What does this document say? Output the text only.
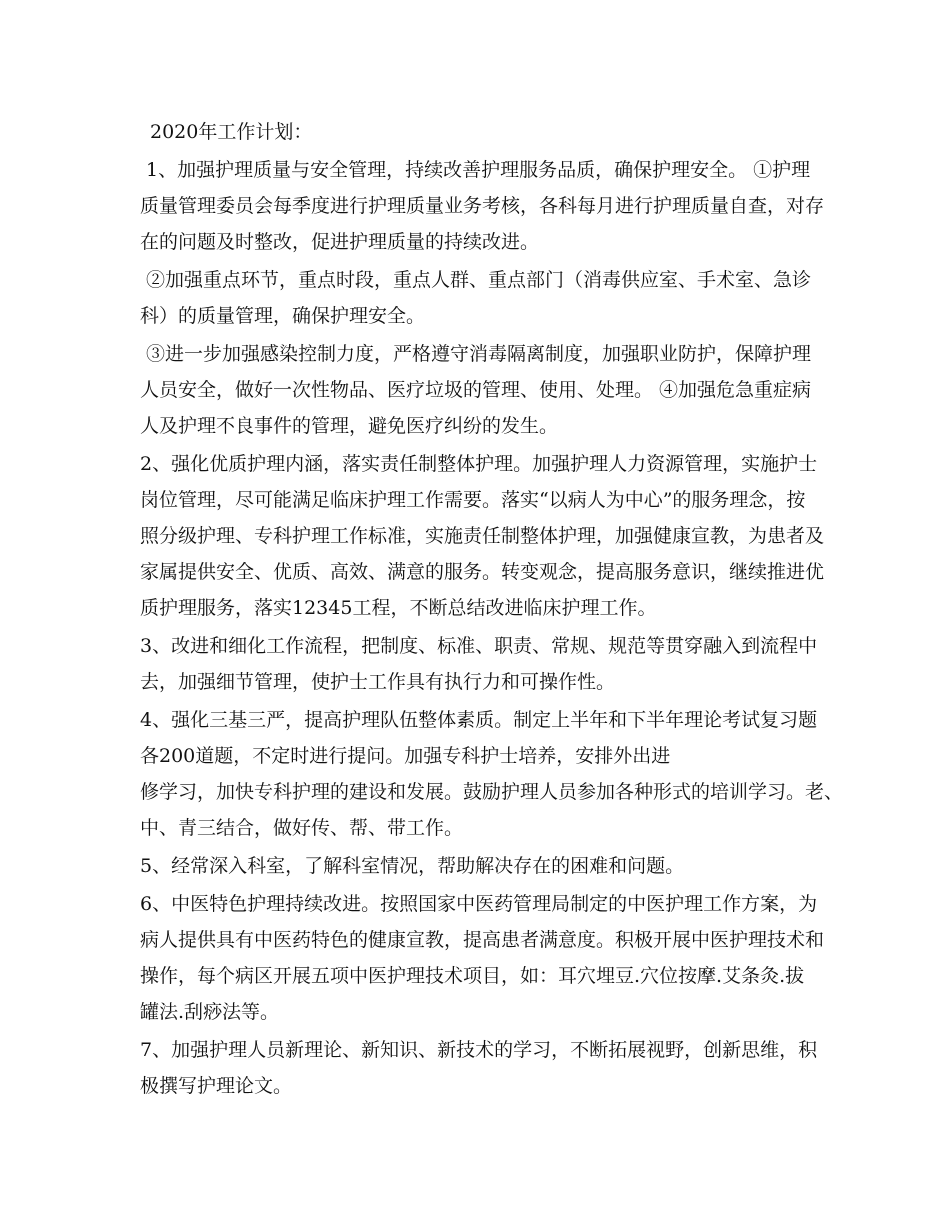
2020年工作计划：
1、加强护理质量与安全管理，持续改善护理服务品质，确保护理安全。 ①护理
质量管理委员会每季度进行护理质量业务考核，各科每月进行护理质量自查，对存
在的问题及时整改，促进护理质量的持续改进。
②加强重点环节，重点时段，重点人群、重点部门（消毒供应室、手术室、急诊
科）的质量管理，确保护理安全。
③进一步加强感染控制力度，严格遵守消毒隔离制度，加强职业防护，保障护理
人员安全，做好一次性物品、医疗垃圾的管理、使用、处理。 ④加强危急重症病
人及护理不良事件的管理，避免医疗纠纷的发生。
2、强化优质护理内涵，落实责任制整体护理。加强护理人力资源管理，实施护士
岗位管理，尽可能满足临床护理工作需要。落实“以病人为中心”的服务理念，按
照分级护理、专科护理工作标准，实施责任制整体护理，加强健康宣教，为患者及
家属提供安全、优质、高效、满意的服务。转变观念，提高服务意识，继续推进优
质护理服务，落实12345工程，不断总结改进临床护理工作。
3、改进和细化工作流程，把制度、标准、职责、常规、规范等贯穿融入到流程中
去，加强细节管理，使护士工作具有执行力和可操作性。
4、强化三基三严，提高护理队伍整体素质。制定上半年和下半年理论考试复习题
各200道题，不定时进行提问。加强专科护士培养，安排外出进
修学习，加快专科护理的建设和发展。鼓励护理人员参加各种形式的培训学习。老、
中、青三结合，做好传、帮、带工作。
5、经常深入科室，了解科室情况，帮助解决存在的困难和问题。
6、中医特色护理持续改进。按照国家中医药管理局制定的中医护理工作方案，为
病人提供具有中医药特色的健康宣教，提高患者满意度。积极开展中医护理技术和
操作，每个病区开展五项中医护理技术项目，如：耳穴埋豆.穴位按摩.艾条灸.拔
罐法.刮痧法等。
7、加强护理人员新理论、新知识、新技术的学习，不断拓展视野，创新思维，积
极撰写护理论文。
